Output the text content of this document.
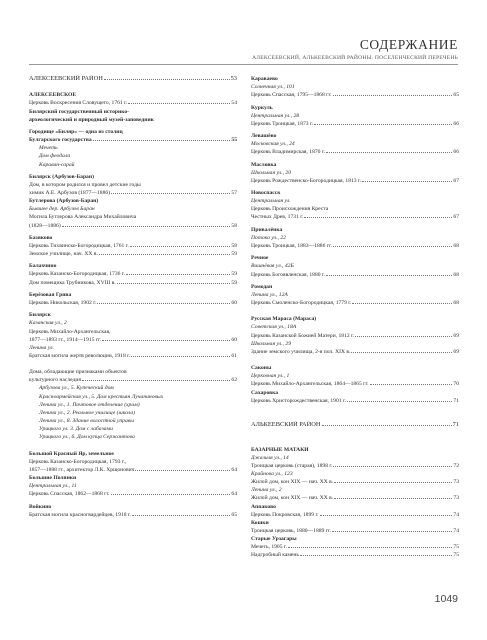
СОДЕРЖАНИЕ
АЛЕКСЕЕВСКИЙ, АЛЬКЕЕВСКИЙ РАЙОНЫ. ПОСЕЛЕНЧЕСКИЙ ПЕРЕЧЕНЬ
АЛЕКСЕЕВСКИЙ РАЙОН	53
АЛЕКСЕЕВСКОЕ
Церковь Воскресения Словущего, 1761 г.	54
Билярский государственный историко-
археологический и природный музей-заповедник
Городище «Биляр» — одна из столиц
Булгарского государства	55
Мечеть
Дом феодала
Караван-сарай
Билярск (Арбузов-Баран)
Дом, в котором родился и провел детские годы
химик А.Е. Арбузов (1877—1886)	57
Бутлерова (Арбузов-Баран)
Бывшее дер. Арбузов Баран
Могила Бутлерова Александра Михайловича
(1828—1886)	58
Базяково
Церковь Тихвинско-Богородицкая, 1761 г.	58
Земское училище, нач. XX в.	59
Балахчино
Церковь Казанско-Богородицкая, 1736 г.	59
Дом помещика Трубникова, XVIII в.	59
Берёзовая Грива
Церковь Никольская, 1902 г.	60
Билярск
Казанская ул., 2
Церковь Михайло-Архангельская,
1877—1893 гг., 1914—1915 гг.	60
Ленина ул.
Братская могила жертв революции, 1918 г.	61
Дома, обладающие признаками объектов
культурного наследия	62
Арбузова ул., 5. Купеческий дом
Красноармейская ул., 5. Дом крестьян Лучаниновых
Ленина ул., 1. Почтовое отделение (храм)
Ленина ул., 2. Реальное училище (школа)
Ленина ул., 8. Здание волостной управы
Урицкого ул. 3. Дом с лабазами
Урицкого ул., 6. Дом купца Сержантова
Большой Красный Яр, земельное
Церковь Казанско-Богородицкая, 1793 г.,
1857—1888 гг., архитектор Л.К. Хрщонович	64
Большие Полянки
Центральная ул., 11
Церковь Спасская, 1862—1868 гг.	64
Войкино
Братская могила красногвардейцев, 1918 г.	65
Караваево
Солнечная ул., 101
Церковь Спасская, 1795—1868 гг.	65
Куркуль
Центральная ул., 28
Церковь Троицкая, 1873 г.	66
Левашёво
Московская ул., 24
Церковь Владимирская, 1870 г.	66
Масловка
Школьная ул., 20
Церковь Рождественско-Богородицкая, 1813 г.	67
Новоспасск
Центральная ул.
Церковь Происхождения Креста
Честных Древ, 1731 г.	67
Привалёнка
Потока ул., 22
Церковь Троицкая, 1883—1886 гг.	68
Речное
Вишнёвая ул., 42Б
Церковь Богоявленская, 1880 г.	68
Ромодан
Ленина ул., 12А
Церковь Смоленско-Богородицкая, 1779 г.	68
Русская Мараса (Мараса)
Советская ул., 18А
Церковь Казанской Божией Матери, 1812 г.	69
Школьная ул., 29
Здание земского училища, 2-я пол. XIX в.	69
Саконы
Церковная ул., 1
Церковь Михайло-Архангельская, 1864—1865 гг.	70
Сахаровка
Церковь Христорождественская, 1901 г.	71
АЛЬКЕЕВСКИЙ РАЙОН	71
БАЗАРНЫЕ МАТАКИ
Джалиля ул., 14
Троицкая церковь (старая), 1898 г.	72
Крайнова ул., 123
Жилой дом, кон XIX — нач. XX в.	73
Ленина ул., 2
Жилой дом, кон XIX — нач. XX в.	73
Аппаково
Церковь Покровская, 1899 г.	74
Кошки
Троицкая церковь, 1880—1889 гг.	74
Старые Урзагары
Мечеть, 1905 г.	75
Надгробный камень	75
1049
